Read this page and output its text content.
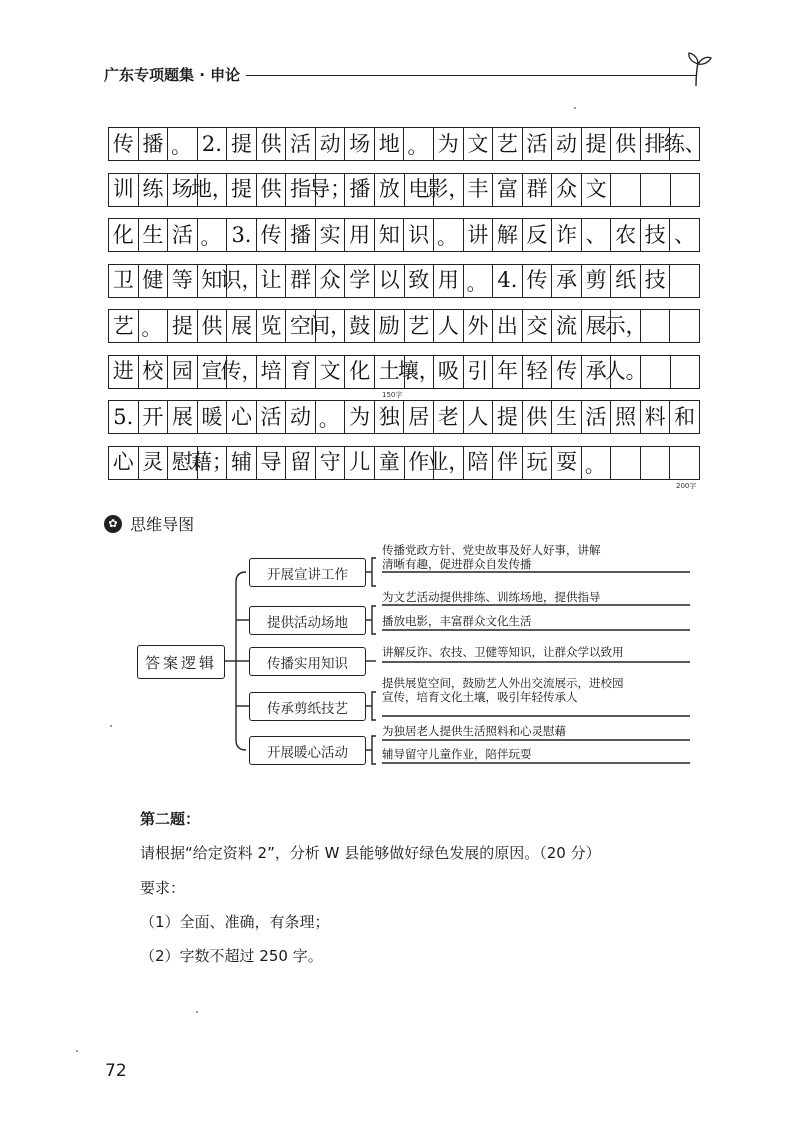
广东专项题集 · 申论
传 播 。 2. 提 供 活 动 场 地 。 为 文 艺 活 动 提 供 排
练、
训 练 场
地，
提 供 指
导；
播 放 电
影，
丰 富 群 众 文
化 生 活 。 3. 传 播 实 用 知 识 。 讲 解 反 诈 、 农 技 、
卫 健 等 知
识，
让 群 众 学 以 致 用 。 4. 传 承 剪 纸 技
艺 。 提 供 展 览 空
间，
鼓 励 艺 人 外 出 交 流 展
示，
进 校 园 宣
传，
培 育 文 化 土
壤，
吸 引 年 轻 传 承
人。
5. 开 展 暖 心 活 动 。 为 独 居 老 人 提 供 生 活 照 料 和
心 灵 慰
藉；
辅 导 留 守 儿 童 作
业，
陪 伴 玩 耍 。
150字
200字
✿ 思维导图
答案逻辑
开展宣讲工作
传播党政方针、党史故事及好人好事，讲解
清晰有趣，促进群众自发传播
提供活动场地
为文艺活动提供排练、训练场地，提供指导
播放电影，丰富群众文化生活
传播实用知识
讲解反诈、农技、卫健等知识，让群众学以致用
传承剪纸技艺
提供展览空间，鼓励艺人外出交流展示，进校园
宣传，培育文化土壤，吸引年轻传承人
开展暖心活动
为独居老人提供生活照料和心灵慰藉
辅导留守儿童作业，陪伴玩耍
第二题：
请根据“给定资料 2”，分析 W 县能够做好绿色发展的原因。（20 分）
要求：
（1）全面、准确，有条理；
（2）字数不超过 250 字。
72
